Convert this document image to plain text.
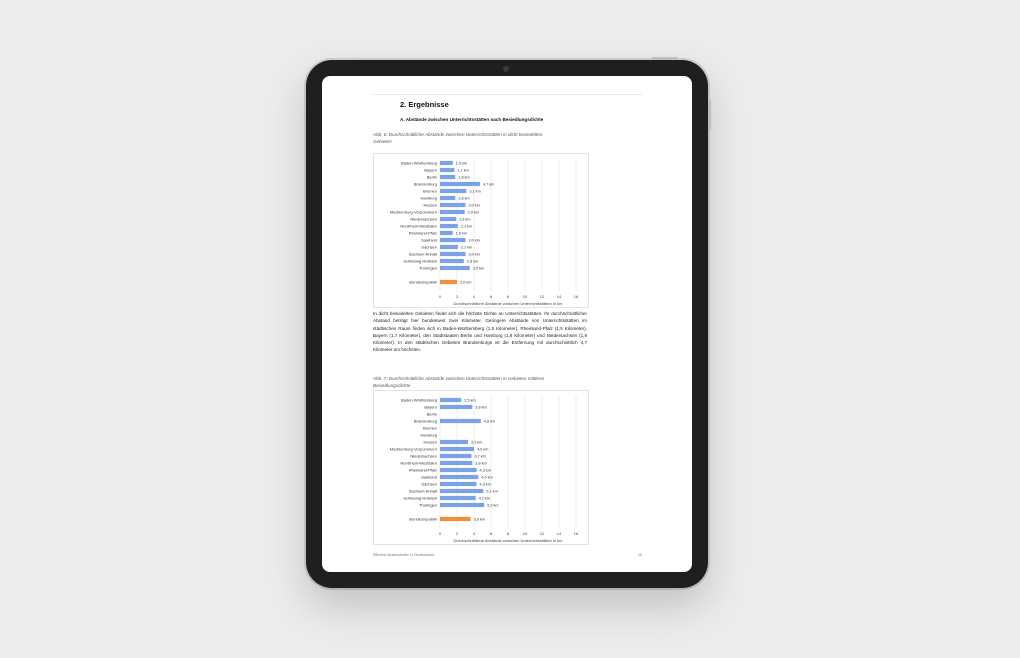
2. Ergebnisse
A. Abstände zwischen Unterrichtsstätten nach Besiedlungsdichte
Abb. 6: Durchschnittliche Abstände zwischen Unterrichtsstätten in dicht besiedelten Gebieten
0	2	4	6	8	10	12	14	16
Baden-Württemberg	1,5 km
Bayern	1,7 km
Berlin	1,8 km
Brandenburg	4,7 km
Bremen	3,1 km
Hamburg	1,8 km
Hessen	3,0 km
Mecklenburg-Vorpommern	2,9 km
Niedersachsen	1,9 km
Nordrhein-Westfalen	2,1 km
Rheinland-Pfalz	1,5 km
Saarland	3,0 km
Sachsen	2,1 km
Sachsen-Anhalt	3,0 km
Schleswig-Holstein	2,8 km
Thüringen	3,5 km
Bundesrepublik	2,0 km
Durchschnittliche Abstände zwischen Unterrichtsstätten in km
In dicht besiedelten Gebieten findet sich die höchste Dichte an Unterrichtsstätten. Ihr durchschnittlicher Abstand beträgt hier bundesweit zwei Kilometer. Geringere Abstände von Unterrichtsstätten im städtischen Raum finden sich in Baden-Württemberg (1,5 Kilometer), Rheinland-Pfalz (1,5 Kilometer), Bayern (1,7 Kilometer), den Stadtstaaten Berlin und Hamburg (1,8 Kilometer) und Niedersachsen (1,9 Kilometer). In den städtischen Gebieten Brandenburgs ist die Entfernung mit durchschnittlich 4,7 Kilometer am höchsten.
Abb. 7: Durchschnittliche Abstände zwischen Unterrichtsstätten in Gebieten mittlerer Besiedlungsdichte
0	2	4	6	8	10	12	14	16
Baden-Württemberg	2,5 km
Bayern	3,8 km
Berlin
Brandenburg	4,8 km
Bremen
Hamburg
Hessen	3,3 km
Mecklenburg-Vorpommern	4,0 km
Niedersachsen	3,7 km
Nordrhein-Westfalen	3,8 km
Rheinland-Pfalz	4,3 km
Saarland	4,5 km
Sachsen	4,3 km
Sachsen-Anhalt	5,1 km
Schleswig-Holstein	4,2 km
Thüringen	5,2 km
Bundesrepublik	3,6 km
Durchschnittliche Abstände zwischen Unterrichtsstätten in km
Effizienz Musikschulen in Deutschland	16
